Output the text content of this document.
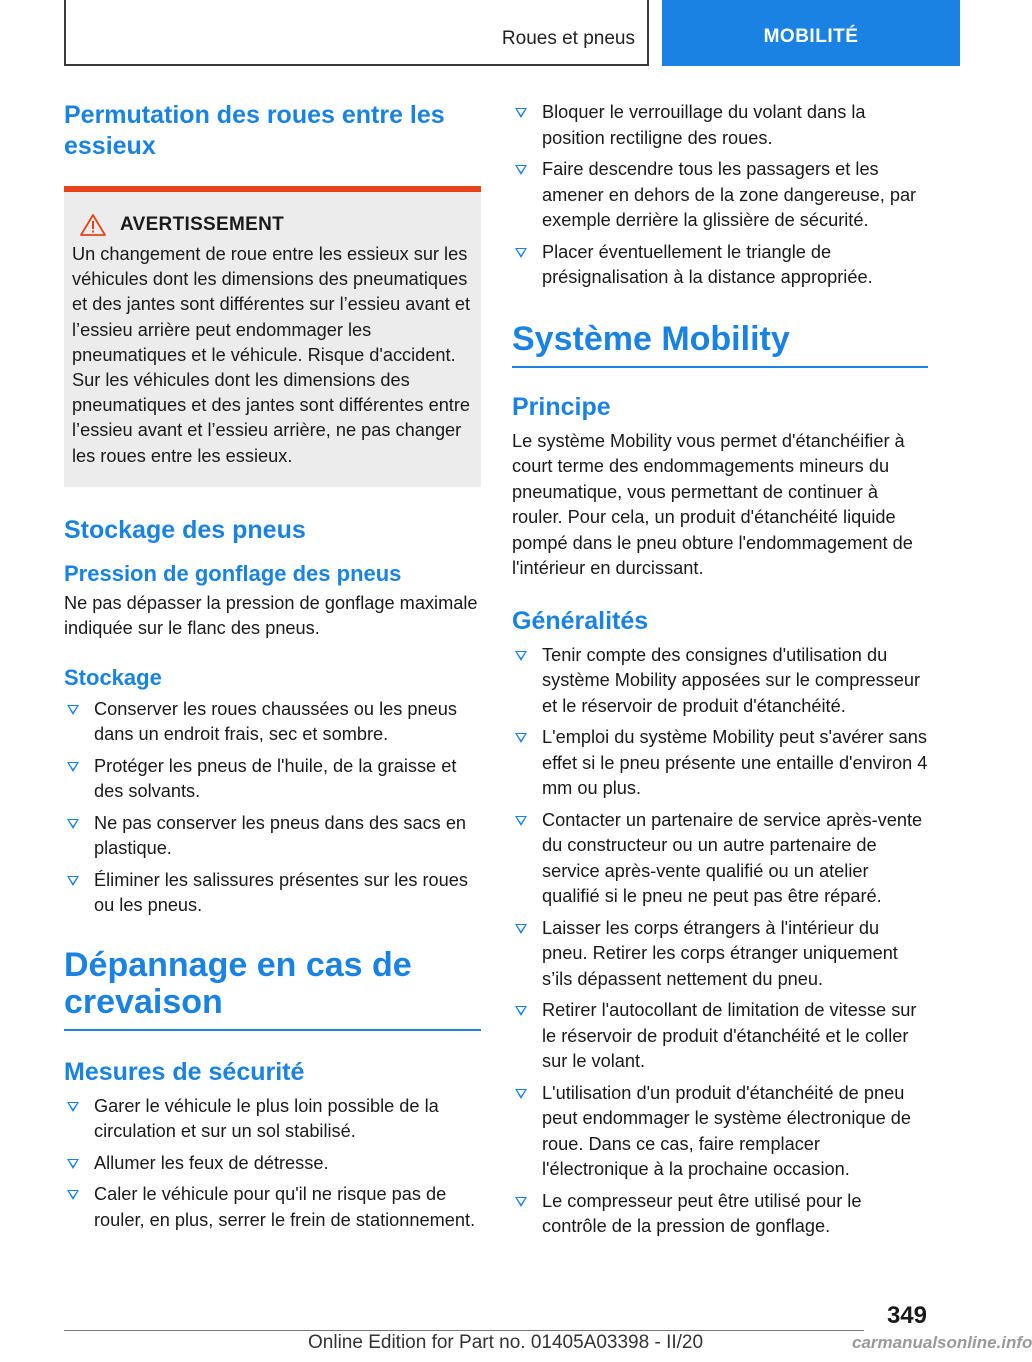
Roues et pneus	MOBILITÉ
Permutation des roues entre les essieux
AVERTISSEMENT
Un changement de roue entre les essieux sur les véhicules dont les dimensions des pneumatiques et des jantes sont différentes sur l’essieu avant et l’essieu arrière peut endommager les pneumatiques et le véhicule. Risque d'accident. Sur les véhicules dont les dimensions des pneumatiques et des jantes sont différentes entre l’essieu avant et l’essieu arrière, ne pas changer les roues entre les essieux.
Stockage des pneus
Pression de gonflage des pneus

Ne pas dépasser la pression de gonflage maximale indiquée sur le flanc des pneus.

Stockage
Conserver les roues chaussées ou les pneus dans un endroit frais, sec et sombre.
Protéger les pneus de l'huile, de la graisse et des solvants.
Ne pas conserver les pneus dans des sacs en plastique.
Éliminer les salissures présentes sur les roues ou les pneus.
Dépannage en cas de crevaison
Mesures de sécurité
Garer le véhicule le plus loin possible de la circulation et sur un sol stabilisé.
Allumer les feux de détresse.
Caler le véhicule pour qu'il ne risque pas de rouler, en plus, serrer le frein de stationnement.
Bloquer le verrouillage du volant dans la position rectiligne des roues.
Faire descendre tous les passagers et les amener en dehors de la zone dangereuse, par exemple derrière la glissière de sécurité.
Placer éventuellement le triangle de présignalisation à la distance appropriée.
Système Mobility
Principe

Le système Mobility vous permet d'étanchéifier à court terme des endommagements mineurs du pneumatique, vous permettant de continuer à rouler. Pour cela, un produit d'étanchéité liquide pompé dans le pneu obture l'endommagement de l'intérieur en durcissant.

Généralités
Tenir compte des consignes d'utilisation du système Mobility apposées sur le compresseur et le réservoir de produit d'étanchéité.
L'emploi du système Mobility peut s'avérer sans effet si le pneu présente une entaille d'environ 4 mm ou plus.
Contacter un partenaire de service après-vente du constructeur ou un autre partenaire de service après-vente qualifié ou un atelier qualifié si le pneu ne peut pas être réparé.
Laisser les corps étrangers à l'intérieur du pneu. Retirer les corps étranger uniquement s’ils dépassent nettement du pneu.
Retirer l'autocollant de limitation de vitesse sur le réservoir de produit d'étanchéité et le coller sur le volant.
L'utilisation d'un produit d'étanchéité de pneu peut endommager le système électronique de roue. Dans ce cas, faire remplacer l'électronique à la prochaine occasion.
Le compresseur peut être utilisé pour le contrôle de la pression de gonflage.
349
Online Edition for Part no. 01405A03398 - II/20	carmanualsonline.info
